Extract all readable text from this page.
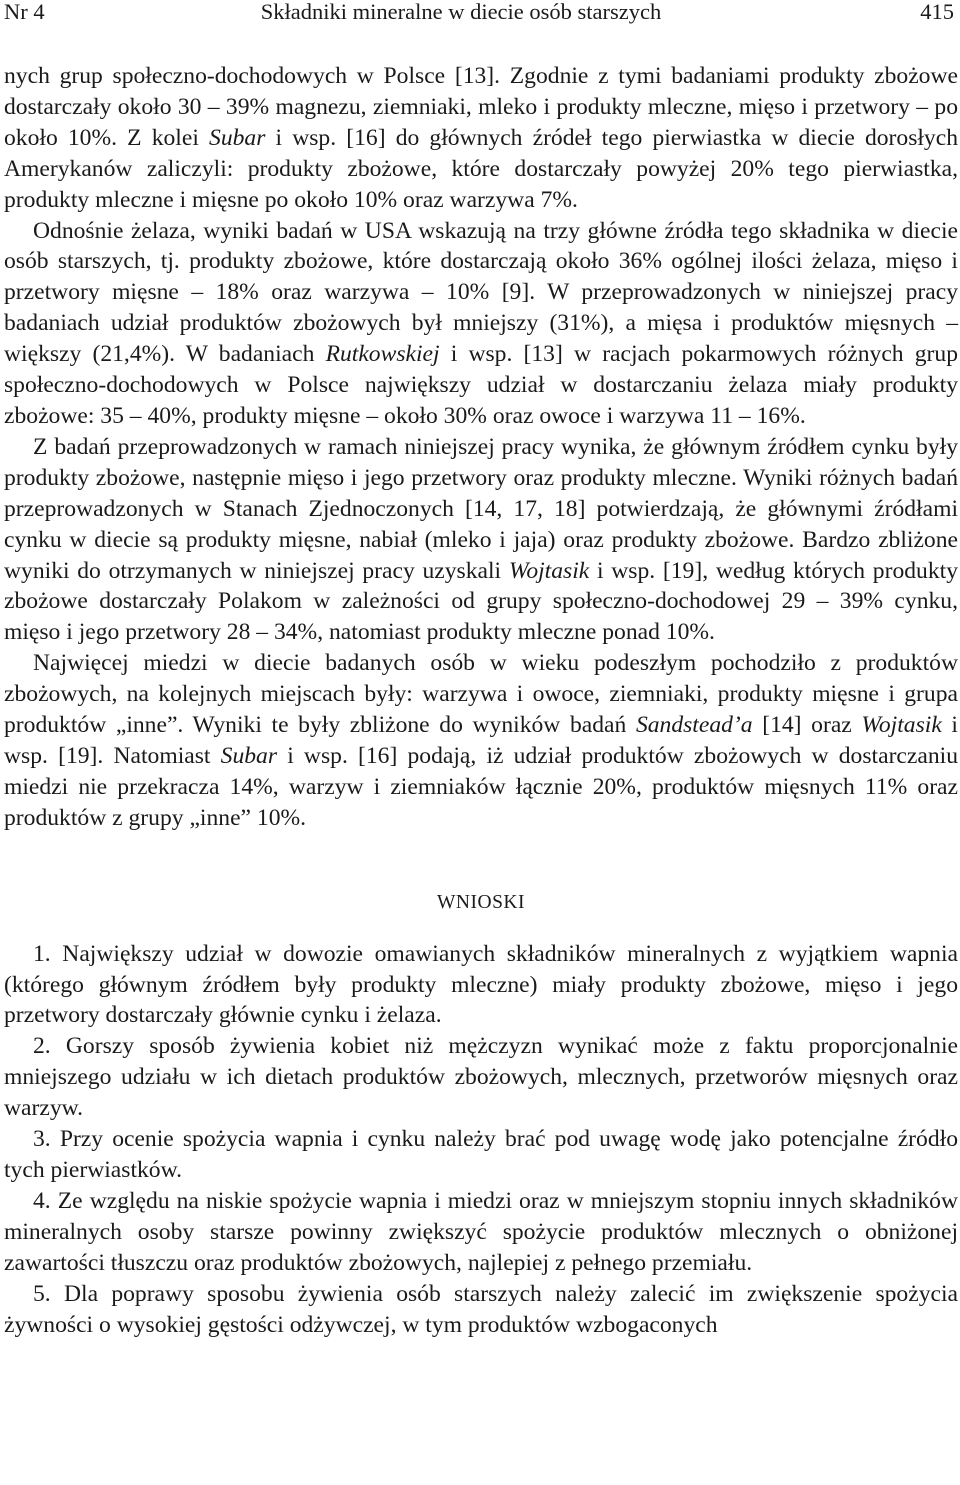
Nr 4	Składniki mineralne w diecie osób starszych	415

nych grup społeczno-dochodowych w Polsce [13]. Zgodnie z tymi badaniami produkty zbożowe dostarczały około 30 – 39% magnezu, ziemniaki, mleko i produkty mleczne, mięso i przetwory – po około 10%. Z kolei Subar i wsp. [16] do głównych źródeł tego pierwiastka w diecie dorosłych Amerykanów zaliczyli: produkty zbożowe, które dostarczały powyżej 20% tego pierwiastka, produkty mleczne i mięsne po około 10% oraz warzywa 7%.

Odnośnie żelaza, wyniki badań w USA wskazują na trzy główne źródła tego składnika w diecie osób starszych, tj. produkty zbożowe, które dostarczają około 36% ogólnej ilości żelaza, mięso i przetwory mięsne – 18% oraz warzywa – 10% [9]. W przeprowadzonych w niniejszej pracy badaniach udział produktów zbożowych był mniejszy (31%), a mięsa i produktów mięsnych – większy (21,4%). W badaniach Rutkowskiej i wsp. [13] w racjach pokarmowych różnych grup społeczno-dochodowych w Polsce największy udział w dostarczaniu żelaza miały produkty zbożowe: 35 – 40%, produkty mięsne – około 30% oraz owoce i warzywa 11 – 16%.

Z badań przeprowadzonych w ramach niniejszej pracy wynika, że głównym źródłem cynku były produkty zbożowe, następnie mięso i jego przetwory oraz produkty mleczne. Wyniki różnych badań przeprowadzonych w Stanach Zjednoczonych [14, 17, 18] potwierdzają, że głównymi źródłami cynku w diecie są produkty mięsne, nabiał (mleko i jaja) oraz produkty zbożowe. Bardzo zbliżone wyniki do otrzymanych w niniejszej pracy uzyskali Wojtasik i wsp. [19], według których produkty zbożowe dostarczały Polakom w zależności od grupy społeczno-dochodowej 29 – 39% cynku, mięso i jego przetwory 28 – 34%, natomiast produkty mleczne ponad 10%.

Najwięcej miedzi w diecie badanych osób w wieku podeszłym pochodziło z produktów zbożowych, na kolejnych miejscach były: warzywa i owoce, ziemniaki, produkty mięsne i grupa produktów „inne”. Wyniki te były zbliżone do wyników badań Sandstead’a [14] oraz Wojtasik i wsp. [19]. Natomiast Subar i wsp. [16] podają, iż udział produktów zbożowych w dostarczaniu miedzi nie przekracza 14%, warzyw i ziemniaków łącznie 20%, produktów mięsnych 11% oraz produktów z grupy „inne” 10%.

WNIOSKI

1. Największy udział w dowozie omawianych składników mineralnych z wyjątkiem wapnia (którego głównym źródłem były produkty mleczne) miały produkty zbożowe, mięso i jego przetwory dostarczały głównie cynku i żelaza.

2. Gorszy sposób żywienia kobiet niż mężczyzn wynikać może z faktu proporcjonalnie mniejszego udziału w ich dietach produktów zbożowych, mlecznych, przetworów mięsnych oraz warzyw.

3. Przy ocenie spożycia wapnia i cynku należy brać pod uwagę wodę jako potencjalne źródło tych pierwiastków.

4. Ze względu na niskie spożycie wapnia i miedzi oraz w mniejszym stopniu innych składników mineralnych osoby starsze powinny zwiększyć spożycie produktów mlecznych o obniżonej zawartości tłuszczu oraz produktów zbożowych, najlepiej z pełnego przemiału.

5. Dla poprawy sposobu żywienia osób starszych należy zalecić im zwiększenie spożycia żywności o wysokiej gęstości odżywczej, w tym produktów wzbogaconych
